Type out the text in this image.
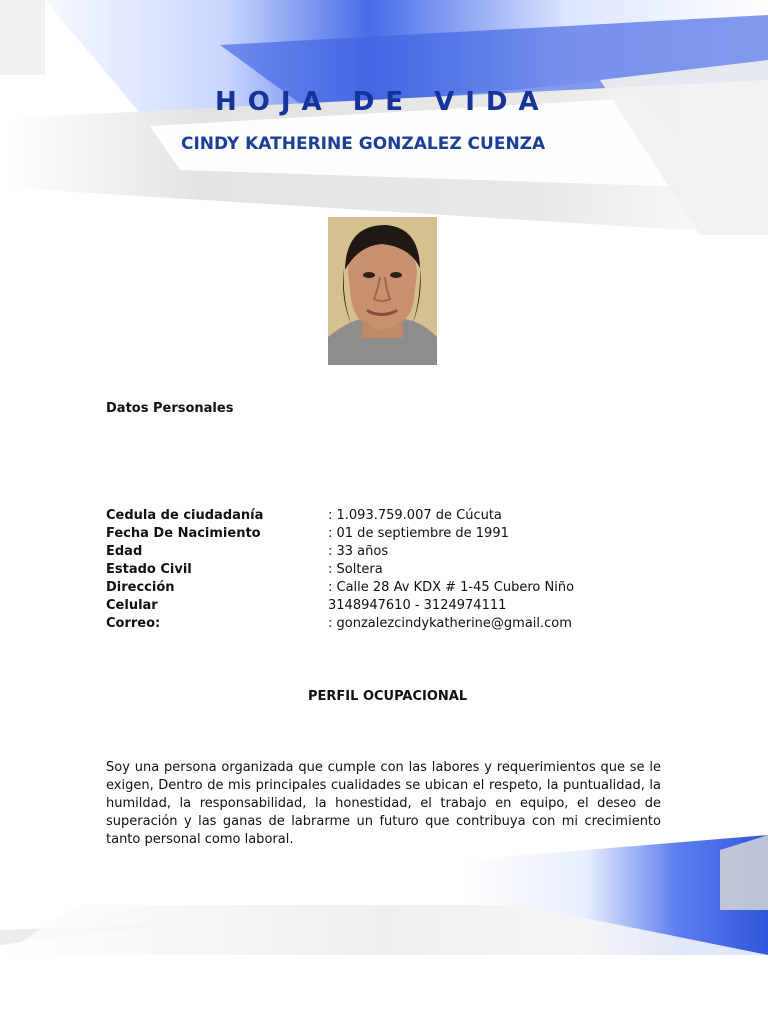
HOJA DE VIDA
CINDY KATHERINE GONZALEZ CUENZA
Datos Personales
Cedula de ciudadanía	: 1.093.759.007 de Cúcuta
Fecha De Nacimiento	: 01 de septiembre de 1991
Edad	: 33 años
Estado Civil	: Soltera
Dirección	: Calle 28 Av KDX # 1-45 Cubero Niño
Celular	3148947610 - 3124974111
Correo:	: gonzalezcindykatherine@gmail.com
PERFIL OCUPACIONAL
Soy una persona organizada que cumple con las labores y requerimientos que se le exigen, Dentro de mis principales cualidades se ubican el respeto, la puntualidad, la humildad, la responsabilidad, la honestidad, el trabajo en equipo, el deseo de superación y las ganas de labrarme un futuro que contribuya con mi crecimiento tanto personal como laboral.
